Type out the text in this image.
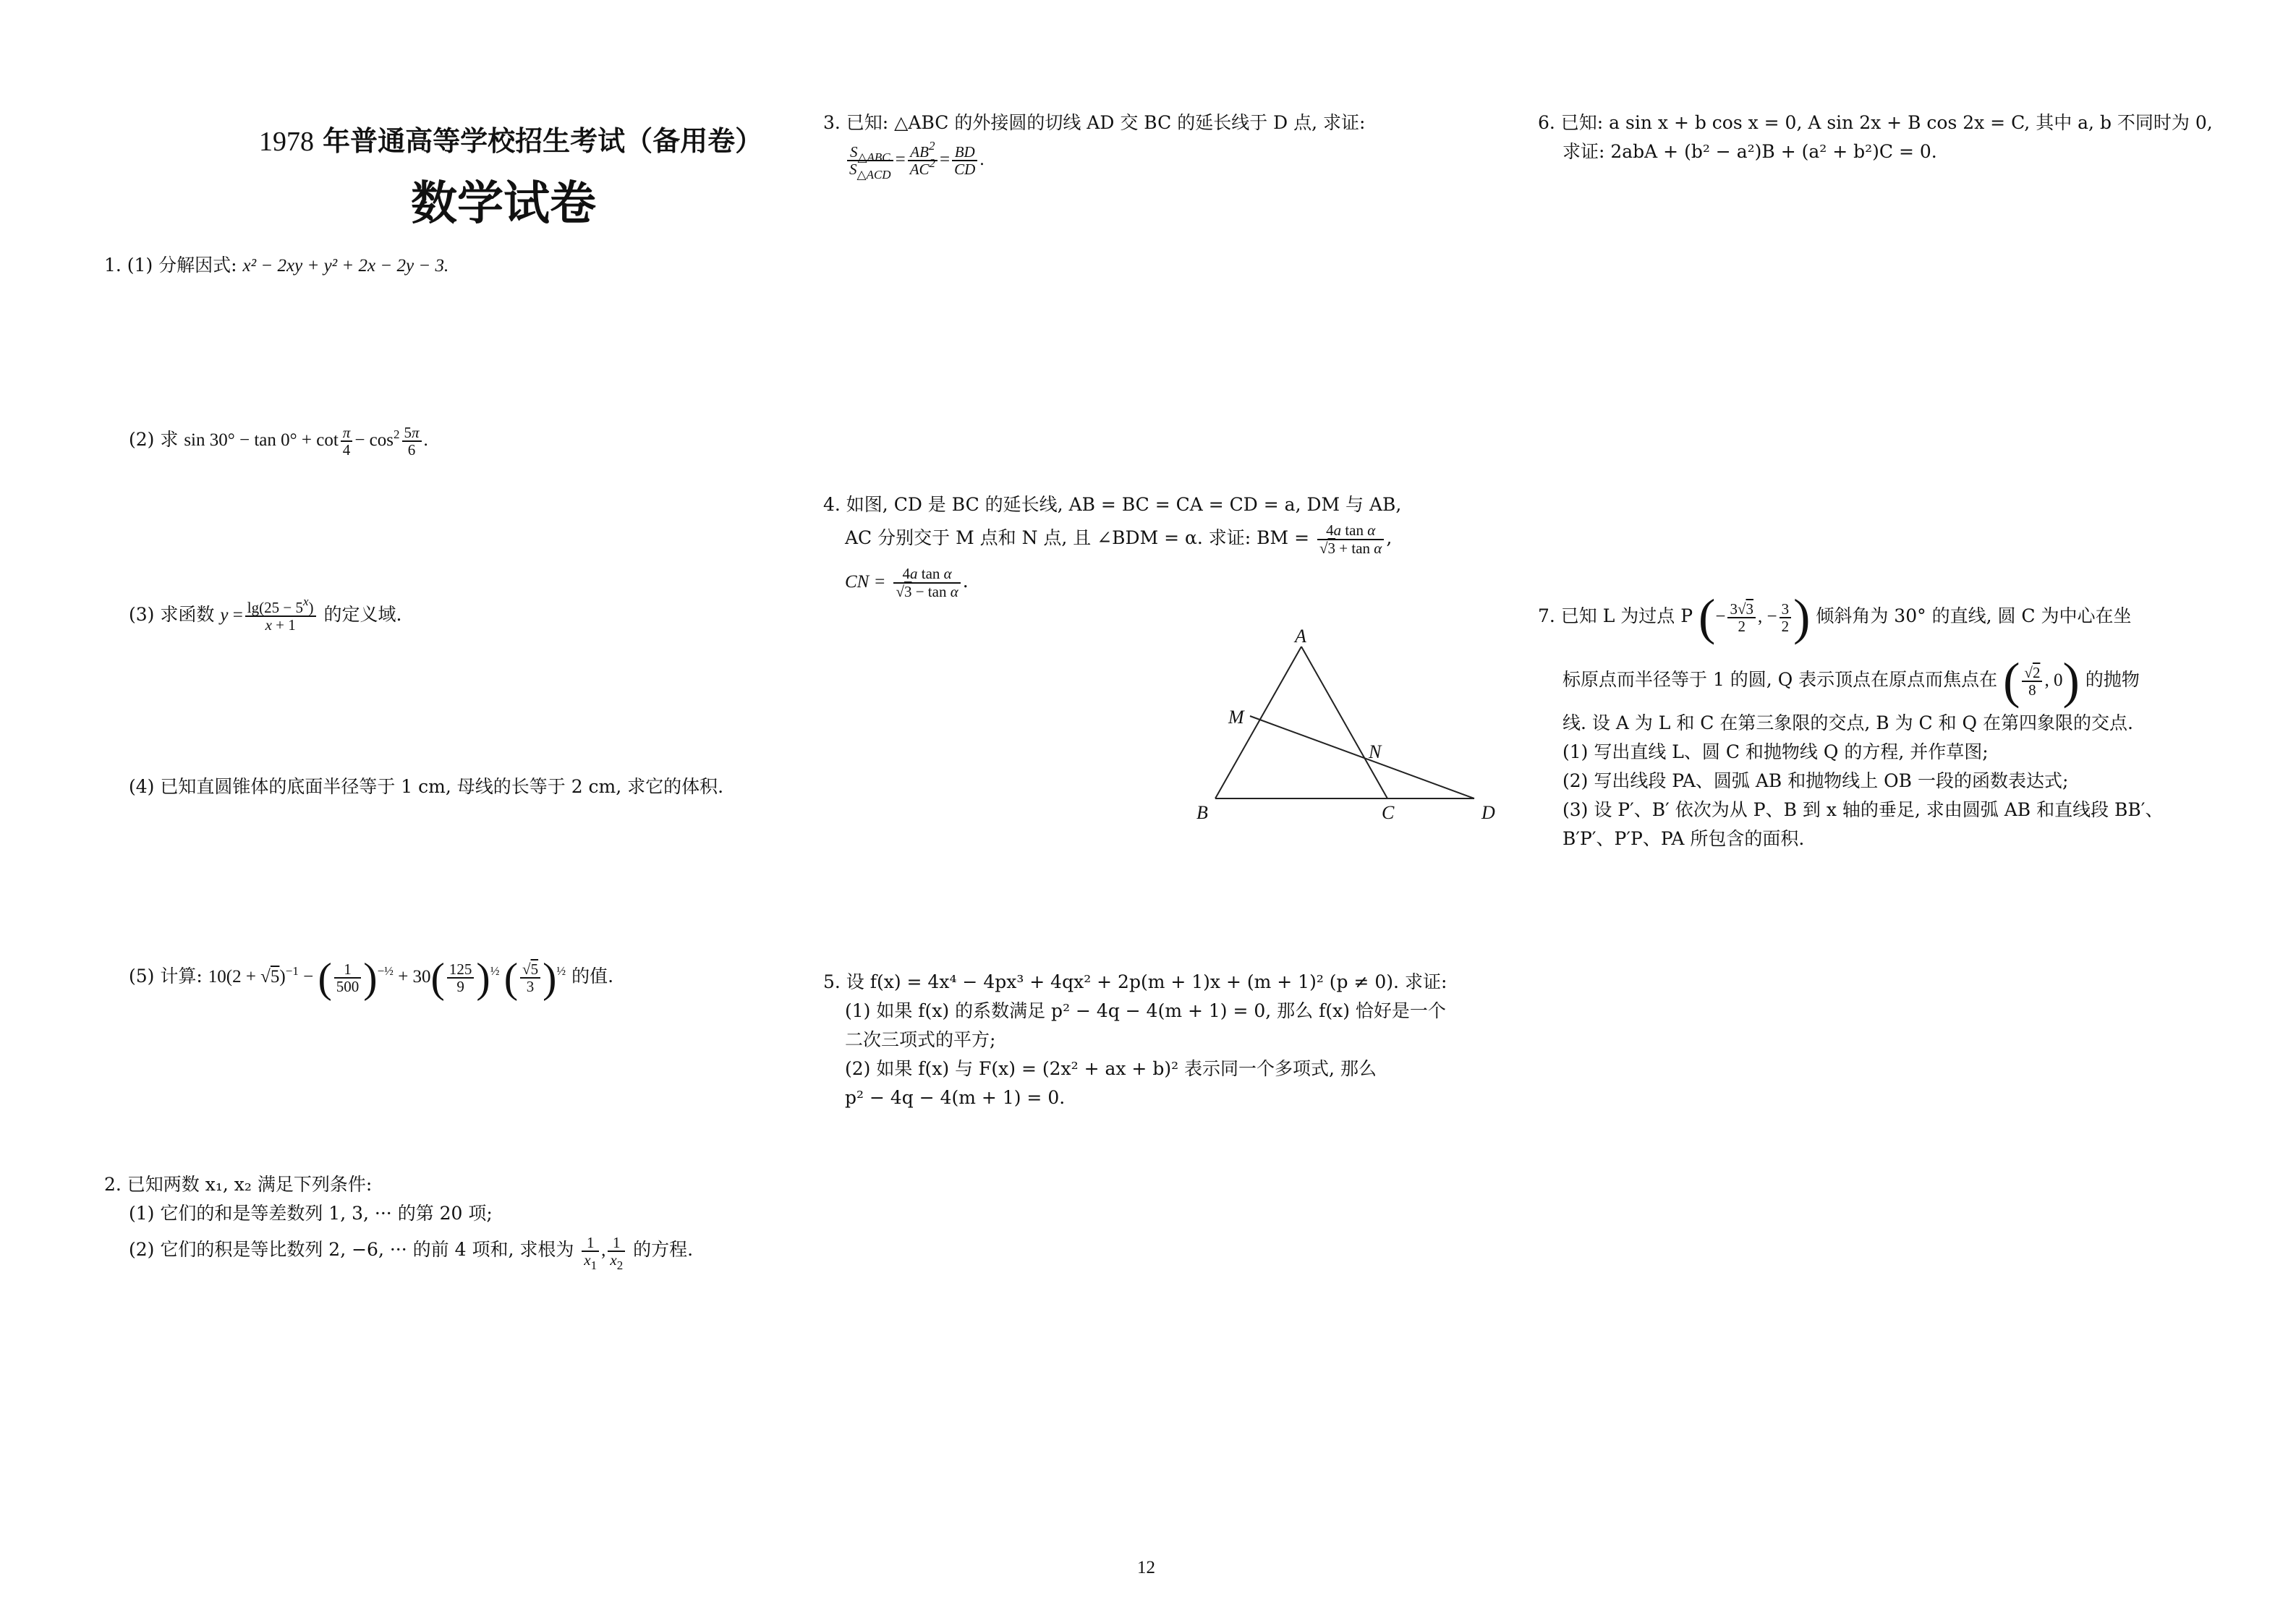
1978 年普通高等学校招生考试（备用卷）
数学试卷
1. (1) 分解因式: x² − 2xy + y² + 2x − 2y − 3.
(2) 求 $\sin 30^\circ - \tan 0^\circ + \cot \frac{\pi}{4} - \cos^2 \frac{5\pi}{6}$ .
(3) 求函数 $y = \frac{\lg(25 - 5^x)}{x + 1}$ 的定义域.
(4) 已知直圆锥体的底面半径等于 1 cm, 母线的长等于 2 cm, 求它的体积.
(5) 计算: $10(2 + √5)^{-1}$ − ( $\frac{1}{500} )^{-\frac{1}{2}} + 30( \frac{125}{9} )^{\frac{1}{2}}$ ( $\frac{√5}{3} )^{\frac{1}{2}}$ 的值.
2. 已知两数 x₁, x₂ 满足下列条件:
(1) 它们的和是等差数列 1, 3, ··· 的第 20 项;
(2) 它们的积是等比数列 2, −6, ··· 的前 4 项和, 求根为 $\frac{1}{x_1}$ , $\frac{1}{x_2}$ 的方程.
3. 已知: △ABC 的外接圆的切线 AD 交 BC 的延长线于 D 点, 求证:
$\frac{S_{\triangle ABC}}{S_{\triangle ACD}} = \frac{AB^2}{AC^2} = \frac{BD}{CD}$ .
4. 如图, CD 是 BC 的延长线, AB = BC = CA = CD = a, DM 与 AB,
AC 分别交于 M 点和 N 点, 且 ∠BDM = α. 求证: BM = $\frac{\text{4a tan α}}{\text{√3 + tan α}}$ ,
CN = $\frac{\text{4a tan α}}{\text{√3 − tan α}}$ .
A
M
N
B	C	D
5. 设 f(x) = 4x⁴ − 4px³ + 4qx² + 2p(m + 1)x + (m + 1)² (p ≠ 0). 求证:
(1) 如果 f(x) 的系数满足 p² − 4q − 4(m + 1) = 0, 那么 f(x) 恰好是一个
二次三项式的平方;
(2) 如果 f(x) 与 F(x) = (2x² + ax + b)² 表示同一个多项式, 那么
p² − 4q − 4(m + 1) = 0.
6. 已知: a sin x + b cos x = 0, A sin 2x + B cos 2x = C, 其中 a, b 不同时为 0,
求证: 2abA + (b² − a²)B + (a² + b²)C = 0.
7. 已知 L 为过点 P (− $\frac{3√3}{2}$ , − $\frac{3}{2}$ ) 倾斜角为 30° 的直线, 圆 C 为中心在坐
标原点而半径等于 1 的圆, Q 表示顶点在原点而焦点在 ( $\frac{√2}{8}$ , 0) 的抛物
线. 设 A 为 L 和 C 在第三象限的交点, B 为 C 和 Q 在第四象限的交点.
(1) 写出直线 L、圆 C 和抛物线 Q 的方程, 并作草图;
(2) 写出线段 PA、圆弧 AB 和抛物线上 OB 一段的函数表达式;
(3) 设 P′、B′ 依次为从 P、B 到 x 轴的垂足, 求由圆弧 AB 和直线段 BB′、
B′P′、P′P、PA 所包含的面积.
12
